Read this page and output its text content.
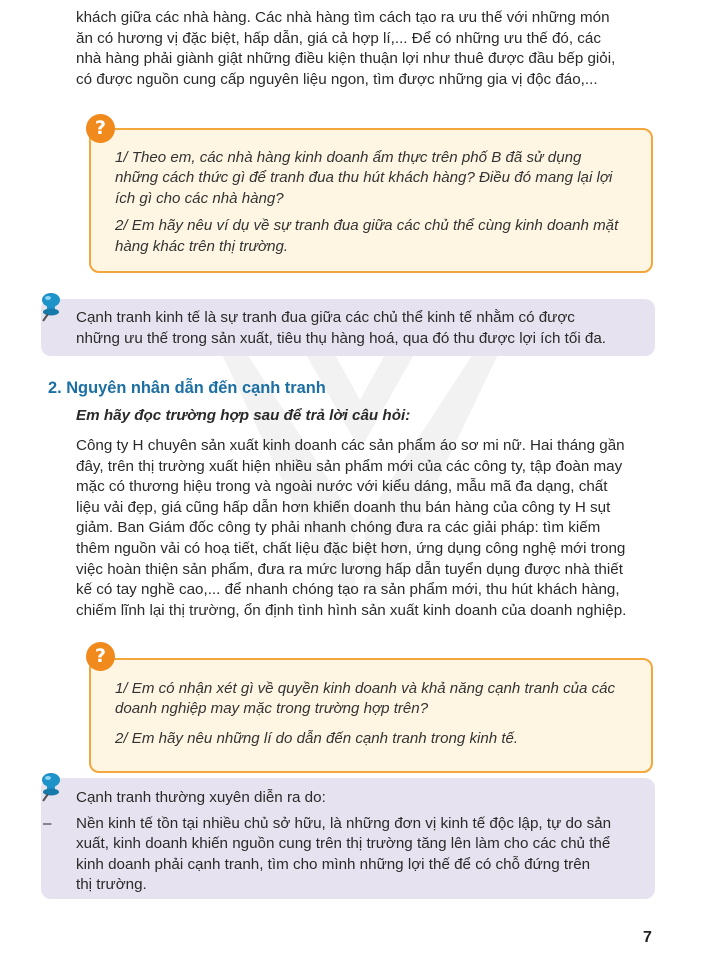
khách giữa các nhà hàng. Các nhà hàng tìm cách tạo ra ưu thế với những món
ăn có hương vị đặc biệt, hấp dẫn, giá cả hợp lí,... Để có những ưu thế đó, các
nhà hàng phải giành giật những điều kiện thuận lợi như thuê được đầu bếp giỏi,
có được nguồn cung cấp nguyên liệu ngon, tìm được những gia vị độc đáo,...

1/ Theo em, các nhà hàng kinh doanh ẩm thực trên phố B đã sử dụng
những cách thức gì để tranh đua thu hút khách hàng? Điều đó mang lại lợi
ích gì cho các nhà hàng?

2/ Em hãy nêu ví dụ về sự tranh đua giữa các chủ thể cùng kinh doanh mặt
hàng khác trên thị trường.

?

Cạnh tranh kinh tế là sự tranh đua giữa các chủ thể kinh tế nhằm có được
những ưu thế trong sản xuất, tiêu thụ hàng hoá, qua đó thu được lợi ích tối đa.

2. Nguyên nhân dẫn đến cạnh tranh

Em hãy đọc trường hợp sau để trả lời câu hỏi:

Công ty H chuyên sản xuất kinh doanh các sản phẩm áo sơ mi nữ. Hai tháng gần
đây, trên thị trường xuất hiện nhiều sản phẩm mới của các công ty, tập đoàn may
mặc có thương hiệu trong và ngoài nước với kiểu dáng, mẫu mã đa dạng, chất
liệu vải đẹp, giá cũng hấp dẫn hơn khiến doanh thu bán hàng của công ty H sụt
giảm. Ban Giám đốc công ty phải nhanh chóng đưa ra các giải pháp: tìm kiếm
thêm nguồn vải có hoạ tiết, chất liệu đặc biệt hơn, ứng dụng công nghệ mới trong
việc hoàn thiện sản phẩm, đưa ra mức lương hấp dẫn tuyển dụng được nhà thiết
kế có tay nghề cao,... để nhanh chóng tạo ra sản phẩm mới, thu hút khách hàng,
chiếm lĩnh lại thị trường, ổn định tình hình sản xuất kinh doanh của doanh nghiệp.

1/ Em có nhận xét gì về quyền kinh doanh và khả năng cạnh tranh của các
doanh nghiệp may mặc trong trường hợp trên?

2/ Em hãy nêu những lí do dẫn đến cạnh tranh trong kinh tế.

?

Cạnh tranh thường xuyên diễn ra do:

– Nền kinh tế tồn tại nhiều chủ sở hữu, là những đơn vị kinh tế độc lập, tự do sản
xuất, kinh doanh khiến nguồn cung trên thị trường tăng lên làm cho các chủ thể
kinh doanh phải cạnh tranh, tìm cho mình những lợi thế để có chỗ đứng trên
thị trường.

7
